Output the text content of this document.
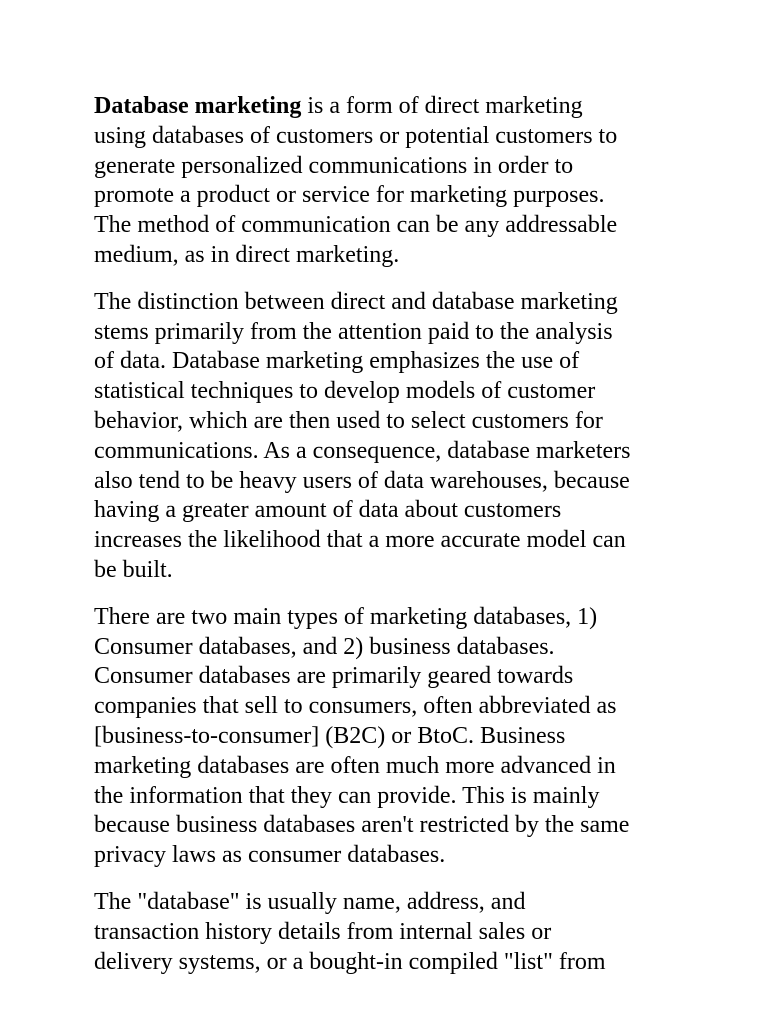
Database marketing is a form of direct marketing
using databases of customers or potential customers to
generate personalized communications in order to
promote a product or service for marketing purposes.
The method of communication can be any addressable
medium, as in direct marketing.
The distinction between direct and database marketing
stems primarily from the attention paid to the analysis
of data. Database marketing emphasizes the use of
statistical techniques to develop models of customer
behavior, which are then used to select customers for
communications. As a consequence, database marketers
also tend to be heavy users of data warehouses, because
having a greater amount of data about customers
increases the likelihood that a more accurate model can
be built.
There are two main types of marketing databases, 1)
Consumer databases, and 2) business databases.
Consumer databases are primarily geared towards
companies that sell to consumers, often abbreviated as
[business-to-consumer] (B2C) or BtoC. Business
marketing databases are often much more advanced in
the information that they can provide. This is mainly
because business databases aren't restricted by the same
privacy laws as consumer databases.
The "database" is usually name, address, and
transaction history details from internal sales or
delivery systems, or a bought-in compiled "list" from
